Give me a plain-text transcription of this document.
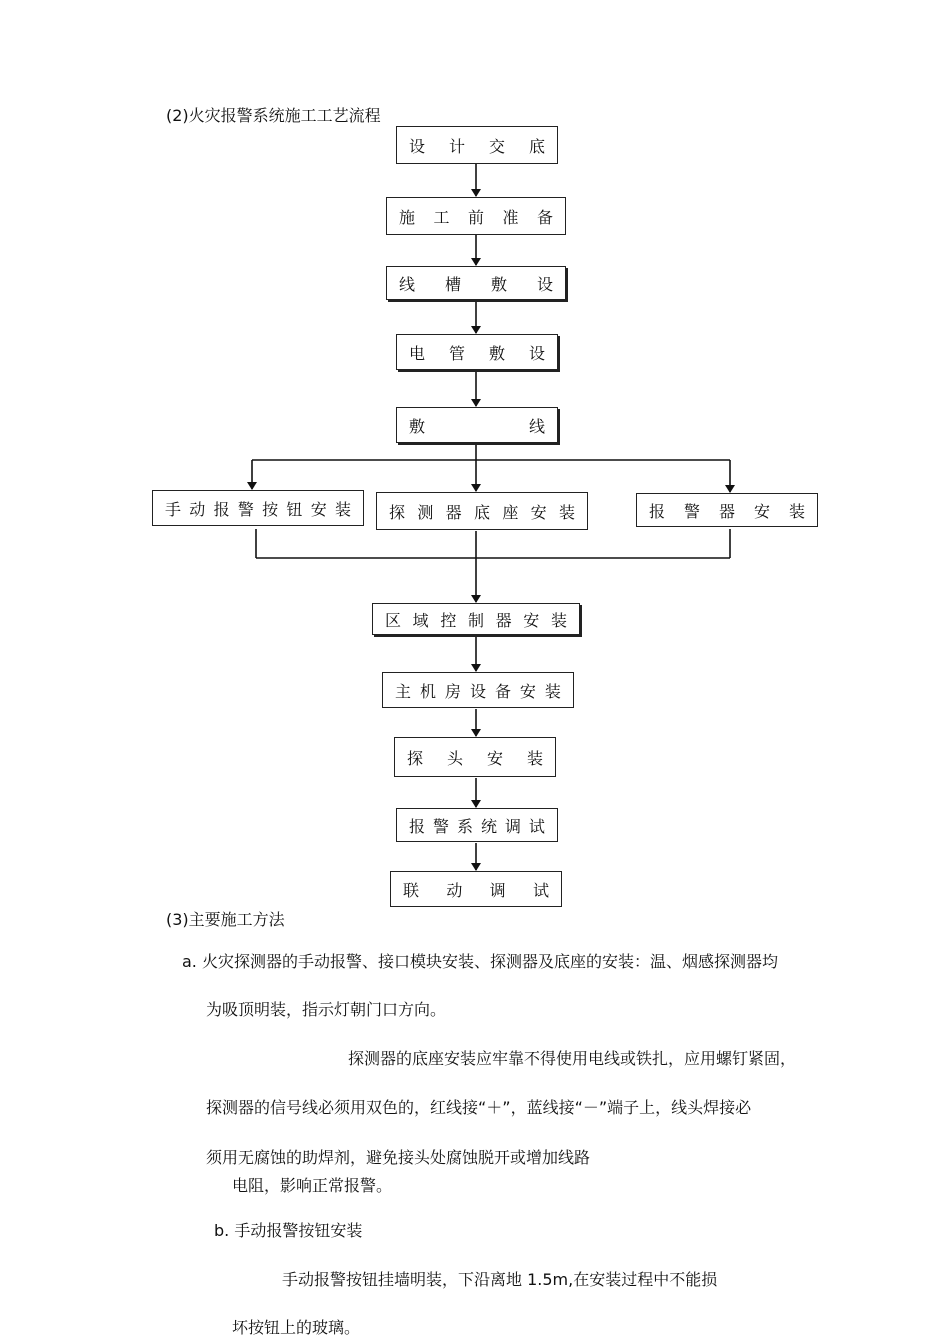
(2)火灾报警系统施工工艺流程
设 计 交 底
施 工 前 准 备
线 槽 敷 设
电 管 敷 设
敷	线
手 动 报 警 按 钮 安 装 探 测 器 底 座 安 装	报 警 器 安 装
区 域 控 制 器 安 装
主 机 房 设 备 安 装
探 头 安 装
报 警 系 统 调 试
联 动 调 试
(3)主要施工方法
a. 火灾探测器的手动报警、接口模块安装、探测器及底座的安装：温、烟感探测器均
为吸顶明装，指示灯朝门口方向。
探测器的底座安装应牢靠不得使用电线或铁扎，应用螺钉紧固，
探测器的信号线必须用双色的，红线接“＋”，蓝线接“－”端子上，线头焊接必
须用无腐蚀的助焊剂，避免接头处腐蚀脱开或增加线路
电阻，影响正常报警。
b. 手动报警按钮安装
手动报警按钮挂墙明装，下沿离地 1.5m,在安装过程中不能损
坏按钮上的玻璃。
